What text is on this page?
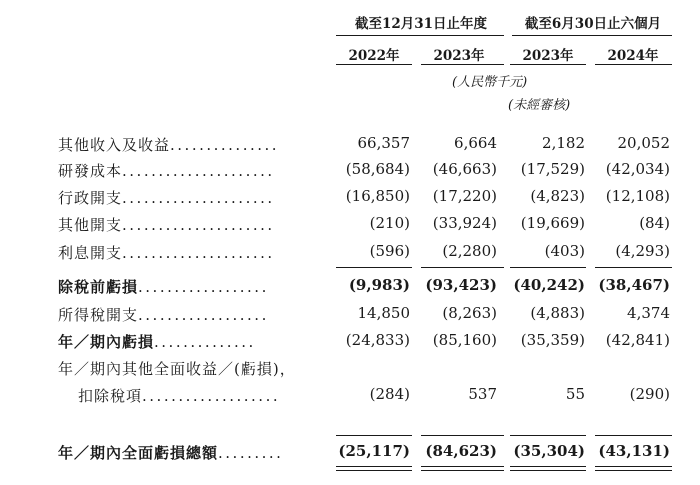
截至12月31日止年度	截至6月30日止六個月
2022年	2023年	2023年	2024年
(人民幣千元)
(未經審核)
其他收入及收益...............	66,357	6,664	2,182 20,052
研發成本.....................	(58,684) (46,663) (17,529) (42,034)
行政開支.....................	(16,850) (17,220) (4,823) (12,108)
其他開支.....................	(210) (33,924) (19,669)	(84)
利息開支.....................	(596) (2,280)	(403) (4,293)
除稅前虧損..................	(9,983) (93,423) (40,242) (38,467)
所得稅開支..................	14,850 (8,263) (4,883)	4,374
年／期內虧損..............	(24,833) (85,160) (35,359) (42,841)
年／期內其他全面收益／(虧損)，
扣除稅項...................	(284)	537	55	(290)
年／期內全面虧損總額.........	(25,117) (84,623) (35,304) (43,131)
